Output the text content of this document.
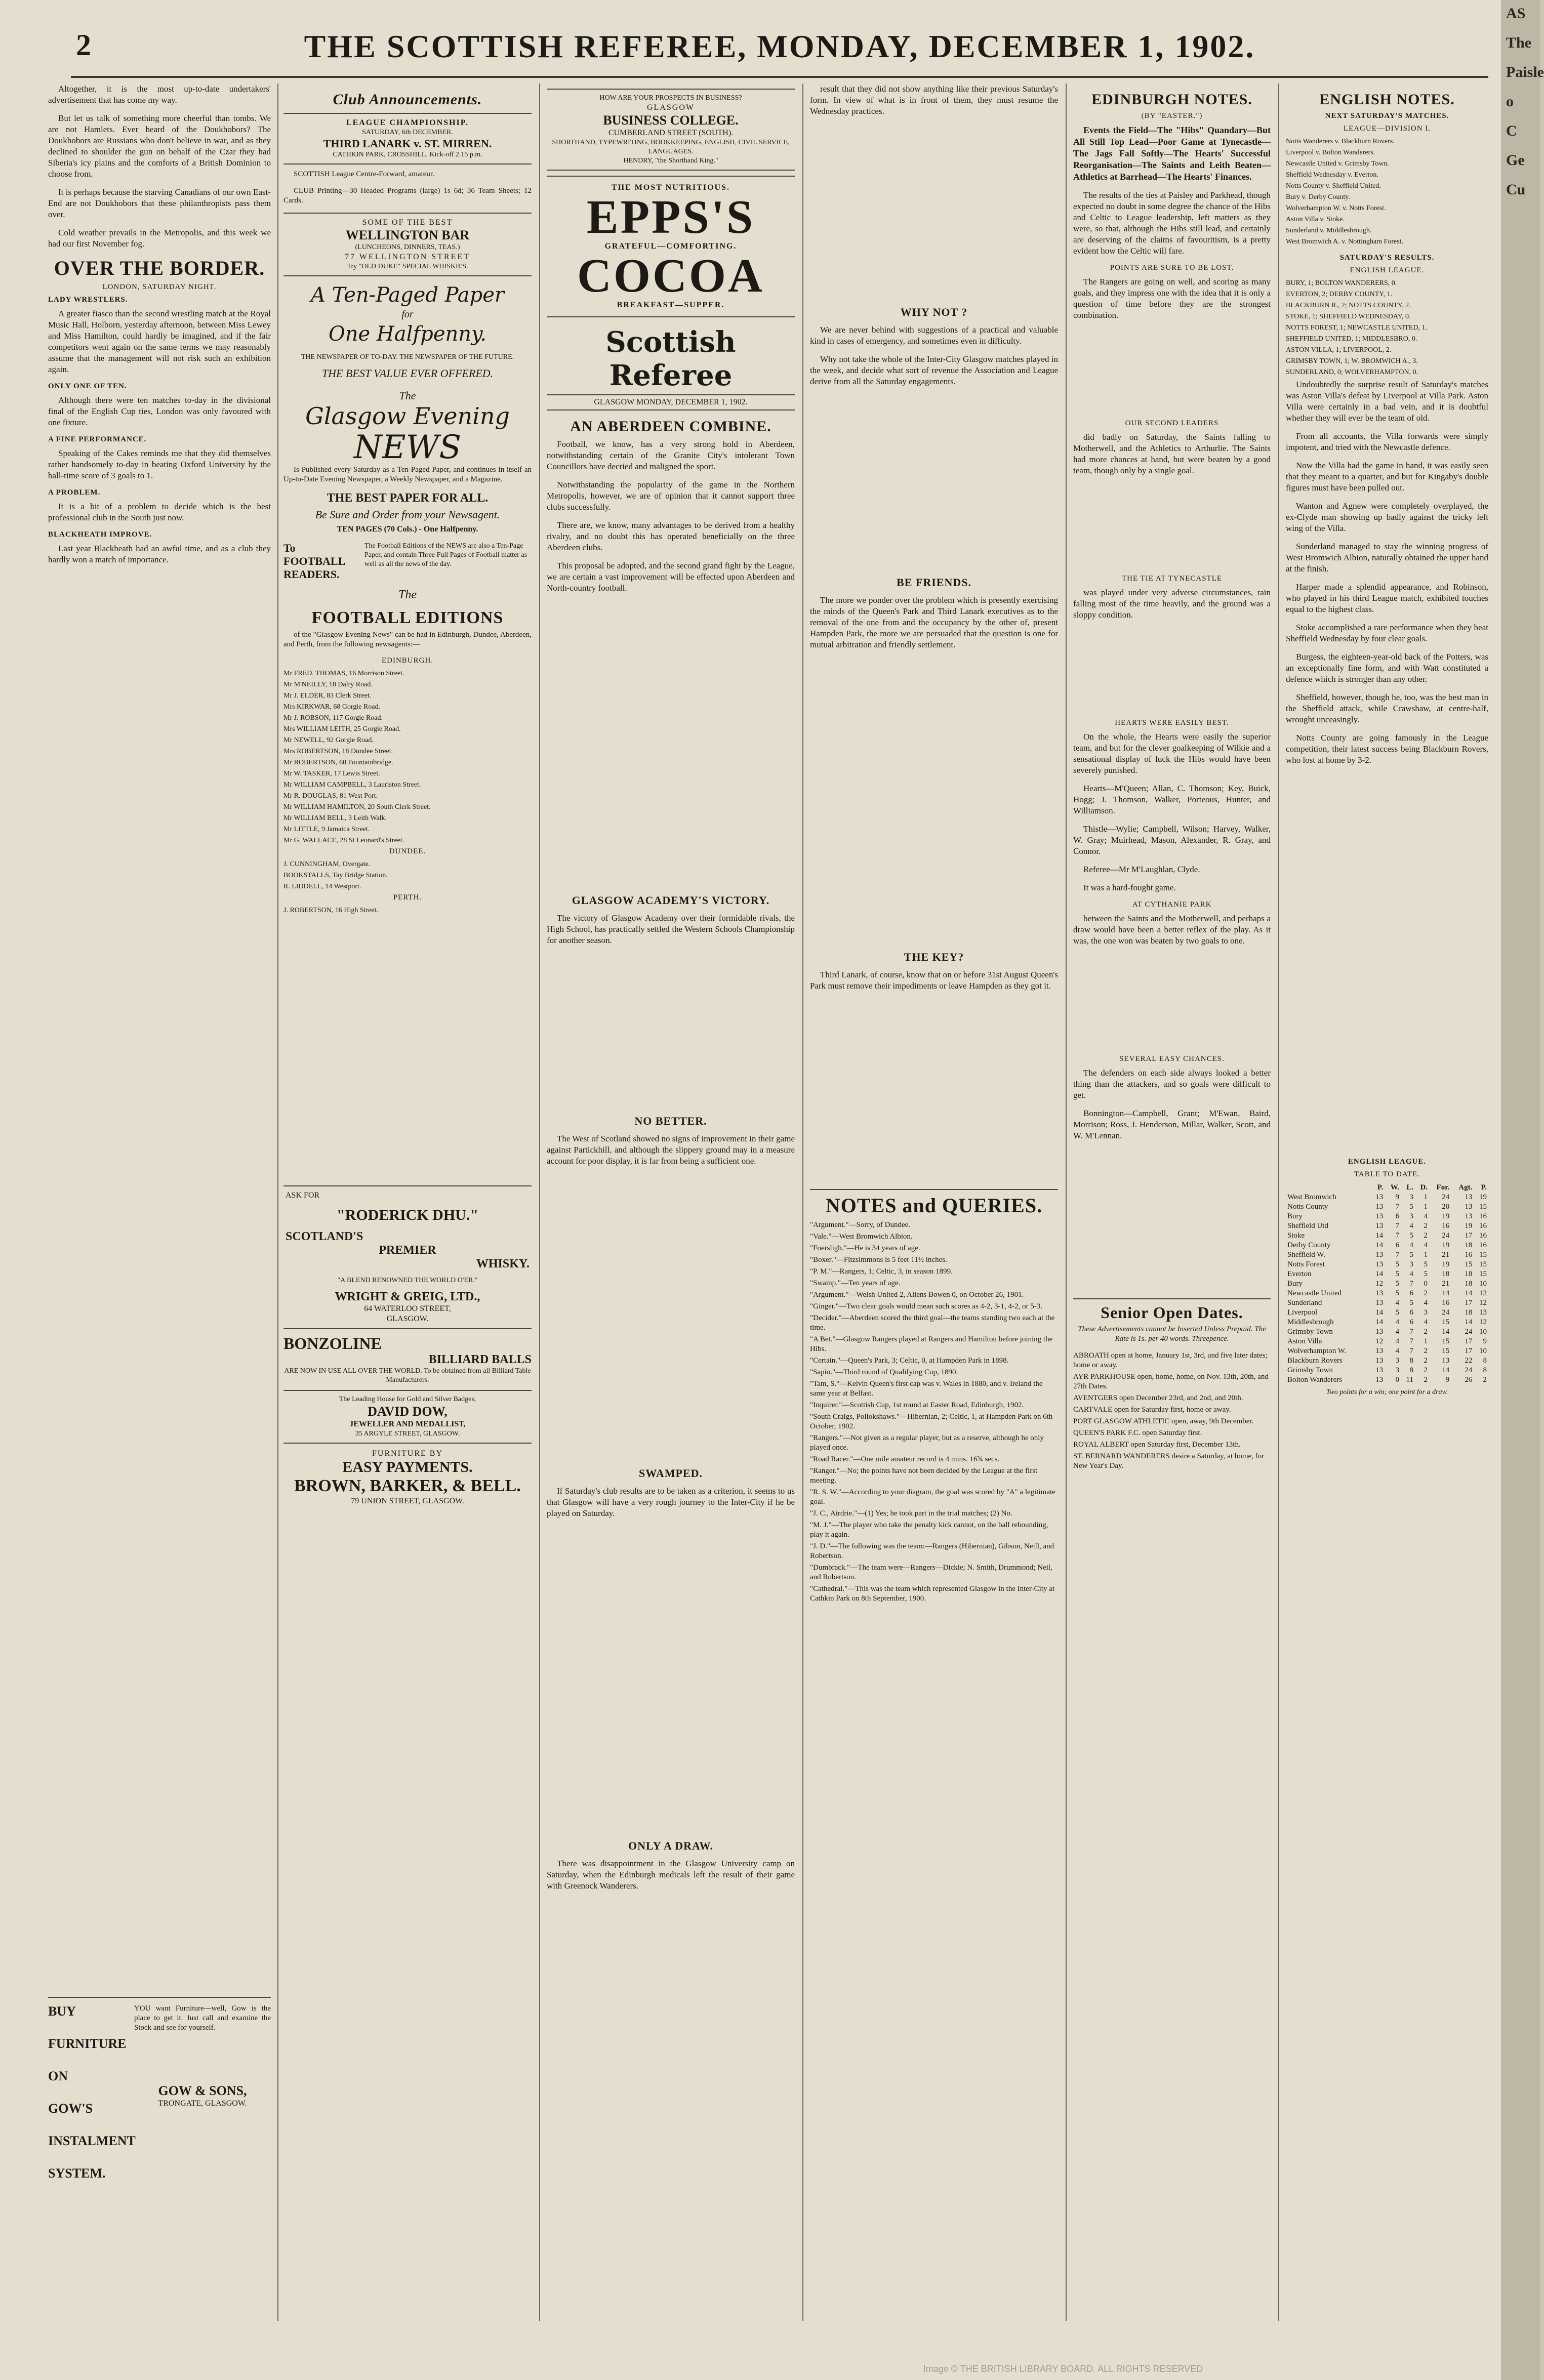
2	THE SCOTTISH REFEREE, MONDAY, DECEMBER 1, 1902.

Altogether, it is the most up-to-date undertakers' advertisement that has come my way.

But let us talk of something more cheerful than tombs. We are not Hamlets. Ever heard of the Doukhobors? The Doukhobors are Russians who don't believe in war, and as they declined to shoulder the gun on behalf of the Czar they had Siberia's icy plains and the comforts of a British Dominion to choose from.

It is perhaps because the starving Canadians of our own East-End are not Doukhobors that these philanthropists pass them over.

Cold weather prevails in the Metropolis, and this week we had our first November fog.

OVER THE BORDER.
LONDON, SATURDAY NIGHT.
LADY WRESTLERS.

A greater fiasco than the second wrestling match at the Royal Music Hall, Holborn, yesterday afternoon, between Miss Lewey and Miss Hamilton, could hardly be imagined, and if the fair competitors went again on the same terms we may reasonably assume that the management will not risk such an exhibition again.

ONLY ONE OF TEN.

Although there were ten matches to-day in the divisional final of the English Cup ties, London was only favoured with one fixture.

A FINE PERFORMANCE.

Speaking of the Cakes reminds me that they did themselves rather handsomely to-day in beating Oxford University by the ball-time score of 3 goals to 1.

A PROBLEM.

It is a bit of a problem to decide which is the best professional club in the South just now.

BLACKHEATH IMPROVE.

Last year Blackheath had an awful time, and as a club they hardly won a match of importance.

BUY
FURNITURE
ON
GOW'S
INSTALMENT
SYSTEM.

YOU want Furniture—well, Gow is the place to get it. Just call and examine the Stock and see for yourself.

GOW & SONS,
TRONGATE, GLASGOW.
Club Announcements.
LEAGUE CHAMPIONSHIP.
SATURDAY, 6th DECEMBER.
THIRD LANARK v. ST. MIRREN.
CATHKIN PARK, CROSSHILL. Kick-off 2.15 p.m.

SCOTTISH League Centre-Forward, amateur.

CLUB Printing—30 Headed Programs (large) 1s 6d; 36 Team Sheets; 12 Cards.

SOME OF THE BEST
WELLINGTON BAR
(LUNCHEONS, DINNERS, TEAS.)
77 WELLINGTON STREET
Try "OLD DUKE" SPECIAL WHISKIES.
A Ten-Paged Paper
for
One Halfpenny.
THE NEWSPAPER OF TO-DAY. THE NEWSPAPER OF THE FUTURE.
THE BEST VALUE EVER OFFERED.
The
Glasgow Evening
NEWS

Is Published every Saturday as a Ten-Paged Paper, and continues in itself an Up-to-Date Evening Newspaper, a Weekly Newspaper, and a Magazine.

THE BEST PAPER FOR ALL.
Be Sure and Order from your Newsagent.
TEN PAGES (70 Cols.) - One Halfpenny.
To FOOTBALL READERS.
The Football Editions of the NEWS are also a Ten-Page Paper, and contain Three Full Pages of Football matter as well as all the news of the day.
The
FOOTBALL EDITIONS

of the "Glasgow Evening News" can be had in Edinburgh, Dundee, Aberdeen, and Perth, from the following newsagents:—

EDINBURGH.
Mr FRED. THOMAS, 16 Morrison Street.
Mr M'NEILLY, 18 Dalry Road.
Mr J. ELDER, 83 Clerk Street.
Mrs KIRKWAR, 68 Gorgie Road.
Mr J. ROBSON, 117 Gorgie Road.
Mrs WILLIAM LEITH, 25 Gorgie Road.
Mr NEWELL, 92 Gorgie Road.
Mrs ROBERTSON, 18 Dundee Street.
Mr ROBERTSON, 60 Fountainbridge.
Mr W. TASKER, 17 Lewis Street.
Mr WILLIAM CAMPBELL, 3 Lauriston Street.
Mr R. DOUGLAS, 81 West Port.
Mr WILLIAM HAMILTON, 20 South Clerk Street.
Mr WILLIAM BELL, 3 Leith Walk.
Mr LITTLE, 9 Jamaica Street.
Mr G. WALLACE, 28 St Leonard's Street.
DUNDEE.
J. CUNNINGHAM, Overgate.
BOOKSTALLS, Tay Bridge Station.
R. LIDDELL, 14 Westport.
PERTH.
J. ROBERTSON, 16 High Street.
ASK FOR
"RODERICK DHU."
SCOTLAND'S
PREMIER
WHISKY.
"A BLEND RENOWNED THE WORLD O'ER."
WRIGHT & GREIG, LTD.,
64 WATERLOO STREET,
GLASGOW.
BONZOLINE
BILLIARD BALLS
ARE NOW IN USE ALL OVER THE WORLD. To be obtained from all Billiard Table Manufacturers.
The Leading House for Gold and Silver Badges,
DAVID DOW,
JEWELLER AND MEDALLIST,
35 ARGYLE STREET, GLASGOW.
FURNITURE BY
EASY PAYMENTS.
BROWN, BARKER, & BELL.
79 UNION STREET, GLASGOW.
HOW ARE YOUR PROSPECTS IN BUSINESS?
GLASGOW
BUSINESS COLLEGE.
CUMBERLAND STREET (SOUTH).
SHORTHAND, TYPEWRITING, BOOKKEEPING, ENGLISH, CIVIL SERVICE, LANGUAGES.
HENDRY, "the Shorthand King."
THE MOST NUTRITIOUS.
EPPS'S
GRATEFUL—COMFORTING.
COCOA
BREAKFAST—SUPPER.
Scottish Referee
GLASGOW MONDAY, DECEMBER 1, 1902.
AN ABERDEEN COMBINE.

Football, we know, has a very strong hold in Aberdeen, notwithstanding certain of the Granite City's intolerant Town Councillors have decried and maligned the sport.

Notwithstanding the popularity of the game in the Northern Metropolis, however, we are of opinion that it cannot support three clubs successfully.

There are, we know, many advantages to be derived from a healthy rivalry, and no doubt this has operated beneficially on the three Aberdeen clubs.

This proposal be adopted, and the second grand fight by the League, we are certain a vast improvement will be effected upon Aberdeen and North-country football.

GLASGOW ACADEMY'S VICTORY.

The victory of Glasgow Academy over their formidable rivals, the High School, has practically settled the Western Schools Championship for another season.

NO BETTER.

The West of Scotland showed no signs of improvement in their game against Partickhill, and although the slippery ground may in a measure account for poor display, it is far from being a sufficient one.

SWAMPED.

If Saturday's club results are to be taken as a criterion, it seems to us that Glasgow will have a very rough journey to the Inter-City if he be played on Saturday.

ONLY A DRAW.

There was disappointment in the Glasgow University camp on Saturday, when the Edinburgh medicals left the result of their game with Greenock Wanderers.

result that they did not show anything like their previous Saturday's form. In view of what is in front of them, they must resume the Wednesday practices.

WHY NOT ?

We are never behind with suggestions of a practical and valuable kind in cases of emergency, and sometimes even in difficulty.

Why not take the whole of the Inter-City Glasgow matches played in the week, and decide what sort of revenue the Association and League derive from all the Saturday engagements.

BE FRIENDS.

The more we ponder over the problem which is presently exercising the minds of the Queen's Park and Third Lanark executives as to the removal of the one from and the occupancy by the other of, present Hampden Park, the more we are persuaded that the question is one for mutual arbitration and friendly settlement.

THE KEY?

Third Lanark, of course, know that on or before 31st August Queen's Park must remove their impediments or leave Hampden as they got it.

NOTES and QUERIES.
"Argument."—Sorry, of Dundee.
"Vale."—West Bromwich Albion.
"Foersligh."—He is 34 years of age.
"Boxer."—Fitzsimmons is 5 feet 11½ inches.
"P. M."—Rangers, 1; Celtic, 3, in season 1899.
"Swamp."—Ten years of age.
"Argument."—Welsh United 2, Aliens Bowen 0, on October 26, 1901.
"Ginger."—Two clear goals would mean such scores as 4-2, 3-1, 4-2, or 5-3.
"Decider."—Aberdeen scored the third goal—the teams standing two each at the time.
"A Bet."—Glasgow Rangers played at Rangers and Hamilton before joining the Hibs.
"Certain."—Queen's Park, 3; Celtic, 0, at Hampden Park in 1898.
"Sapio."—Third round of Qualifying Cup, 1890.
"Tam, S."—Kelvin Queen's first cap was v. Wales in 1880, and v. Ireland the same year at Belfast.
"Inquirer."—Scottish Cup, 1st round at Easter Road, Edinburgh, 1902.
"South Craigs, Pollokshaws."—Hibernian, 2; Celtic, 1, at Hampden Park on 6th October, 1902.
"Rangers."—Not given as a regular player, but as a reserve, although he only played once.
"Road Racer."—One mile amateur record is 4 mins. 16¾ secs.
"Ranger."—No; the points have not been decided by the League at the first meeting.
"R. S. W."—According to your diagram, the goal was scored by "A" a legitimate goal.
"J. C., Airdrie."—(1) Yes; he took part in the trial matches; (2) No.
"M. J."—The player who take the penalty kick cannot, on the ball rebounding, play it again.
"J. D."—The following was the team:—Rangers (Hibernian), Gibson, Neill, and Robertson.
"Dumbrack."—The team were—Rangers—Dickie; N. Smith, Drummond; Neil, and Robertson.
"Cathedral."—This was the team which represented Glasgow in the Inter-City at Cathkin Park on 8th September, 1900.
EDINBURGH NOTES.
(BY "EASTER.")

Events the Field—The "Hibs" Quandary—But All Still Top Lead—Poor Game at Tynecastle—The Jags Fall Softly—The Hearts' Successful Reorganisation—The Saints and Leith Beaten—Athletics at Barrhead—The Hearts' Finances.

The results of the ties at Paisley and Parkhead, though expected no doubt in some degree the chance of the Hibs and Celtic to League leadership, left matters as they were, so that, although the Hibs still lead, and certainly are deserving of the claims of favouritism, is a pretty evident how the Celtic will fare.

POINTS ARE SURE TO BE LOST.

The Rangers are going on well, and scoring as many goals, and they impress one with the idea that it is only a question of time before they are the strongest combination.

OUR SECOND LEADERS

did badly on Saturday, the Saints falling to Motherwell, and the Athletics to Arthurlie. The Saints had more chances at hand, but were beaten by a good team, though only by a single goal.

THE TIE AT TYNECASTLE

was played under very adverse circumstances, rain falling most of the time heavily, and the ground was a sloppy condition.

HEARTS WERE EASILY BEST.

On the whole, the Hearts were easily the superior team, and but for the clever goalkeeping of Wilkie and a sensational display of luck the Hibs would have been severely punished.

Hearts—M'Queen; Allan, C. Thomson; Key, Buick, Hogg; J. Thomson, Walker, Porteous, Hunter, and Williamson.

Thistle—Wylie; Campbell, Wilson; Harvey, Walker, W. Gray; Muirhead, Mason, Alexander, R. Gray, and Connor.

Referee—Mr M'Laughlan, Clyde.

It was a hard-fought game.

AT CYTHANIE PARK

between the Saints and the Motherwell, and perhaps a draw would have been a better reflex of the play. As it was, the one won was beaten by two goals to one.

SEVERAL EASY CHANCES.

The defenders on each side always looked a better thing than the attackers, and so goals were difficult to get.

Bonnington—Campbell, Grant; M'Ewan, Baird, Morrison; Ross, J. Henderson, Millar, Walker, Scott, and W. M'Lennan.

Senior Open Dates.

These Advertisements cannot be Inserted Unless Prepaid. The Rate is 1s. per 40 words. Threepence.

ABROATH open at home, January 1st, 3rd, and five later dates; home or away.
AYR PARKHOUSE open, home, home, on Nov. 13th, 20th, and 27th Dates.
AVENTGERS open December 23rd, and 2nd, and 20th.
CARTVALE open for Saturday first, home or away.
PORT GLASGOW ATHLETIC open, away, 9th December.
QUEEN'S PARK F.C. open Saturday first.
ROYAL ALBERT open Saturday first, December 13th.
ST. BERNARD WANDERERS desire a Saturday, at home, for New Year's Day.
ENGLISH NOTES.
NEXT SATURDAY'S MATCHES.
LEAGUE—DIVISION I.
Notts Wanderers v. Blackburn Rovers.
Liverpool v. Bolton Wanderers.
Newcastle United v. Grimsby Town.
Sheffield Wednesday v. Everton.
Notts County v. Sheffield United.
Bury v. Derby County.
Wolverhampton W. v. Notts Forest.
Aston Villa v. Stoke.
Sunderland v. Middlesbrough.
West Bromwich A. v. Nottingham Forest.
SATURDAY'S RESULTS.
ENGLISH LEAGUE.
BURY, 1; BOLTON WANDERERS, 0.
EVERTON, 2; DERBY COUNTY, 1.
BLACKBURN R., 2; NOTTS COUNTY, 2.
STOKE, 1; SHEFFIELD WEDNESDAY, 0.
NOTTS FOREST, 1; NEWCASTLE UNITED, 1.
SHEFFIELD UNITED, 1; MIDDLESBRO, 0.
ASTON VILLA, 1; LIVERPOOL, 2.
GRIMSBY TOWN, 1; W. BROMWICH A., 3.
SUNDERLAND, 0; WOLVERHAMPTON, 0.

Undoubtedly the surprise result of Saturday's matches was Aston Villa's defeat by Liverpool at Villa Park. Aston Villa were certainly in a bad vein, and it is doubtful whether they will ever be the team of old.

From all accounts, the Villa forwards were simply impotent, and tried with the Newcastle defence.

Now the Villa had the game in hand, it was easily seen that they meant to a quarter, and but for Kingaby's double figures must have been pulled out.

Wanton and Agnew were completely overplayed, the ex-Clyde man showing up badly against the tricky left wing of the Villa.

Sunderland managed to stay the winning progress of West Bromwich Albion, naturally obtained the upper hand at the finish.

Harper made a splendid appearance, and Robinson, who played in his third League match, exhibited touches equal to the highest class.

Stoke accomplished a rare performance when they beat Sheffield Wednesday by four clear goals.

Burgess, the eighteen-year-old back of the Potters, was an exceptionally fine form, and with Watt constituted a defence which is stronger than any other.

Sheffield, however, though he, too, was the best man in the Sheffield attack, while Crawshaw, at centre-half, wrought unceasingly.

Notts County are going famously in the League competition, their latest success being Blackburn Rovers, who lost at home by 3-2.

ENGLISH LEAGUE.
TABLE TO DATE.
	P.	W.	L.	D.	For.	Agt.	P.
West Bromwich	13	9	3	1	24	13	19
Notts County	13	7	5	1	20	13	15
Bury	13	6	3	4	19	13	16
Sheffield Utd	13	7	4	2	16	19	16
Stoke	14	7	5	2	24	17	16
Derby County	14	6	4	4	19	18	16
Sheffield W.	13	7	5	1	21	16	15
Notts Forest	13	5	3	5	19	15	15
Everton	14	5	4	5	18	18	15
Bury	12	5	7	0	21	18	10
Newcastle United	13	5	6	2	14	14	12
Sunderland	13	4	5	4	16	17	12
Liverpool	14	5	6	3	24	18	13
Middlesbrough	14	4	6	4	15	14	12
Grimsby Town	13	4	7	2	14	24	10
Aston Villa	12	4	7	1	15	17	9
Wolverhampton W.	13	4	7	2	15	17	10
Blackburn Rovers	13	3	8	2	13	22	8
Grimsby Town	13	3	8	2	14	24	8
Bolton Wanderers	13	0	11	2	9	26	2
Two points for a win; one point for a draw.
Image © THE BRITISH LIBRARY BOARD. ALL RIGHTS RESERVED
AS
The
Paisle
o
C
Ge
Cu
